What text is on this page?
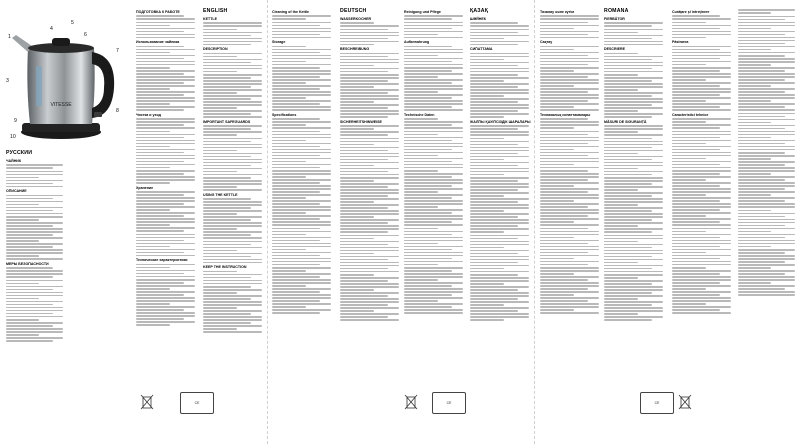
VITESSE
1
2
3
4
5
6
7
8
9
10
РУССКИЙ
ЧАЙНИК
ОПИСАНИЕ
МЕРЫ БЕЗОПАСНОСТИ
ПОДГОТОВКА К РАБОТЕ
Использование чайника
Чистка и уход
Хранение
Технические характеристики
ENGLISH
KETTLE
DESCRIPTION
IMPORTANT SAFEGUARDS
USING THE KETTLE
KEEP THE INSTRUCTION
Cleaning of the Kettle
Storage
Specifications
DEUTSCH
WASSERKOCHER
BESCHREIBUNG
SICHERHEITSHINWEISE
Reinigung und Pflege
Aufbewahrung
Technische Daten
ҚАЗАҚ
ШӘЙНЕК
СИПАТТАМА
ЖАЛПЫ ҚАУІПСІЗДІК ШАРАЛАРЫ
Тазалау және күтім
Сақтау
Техникалық сипаттамалары
ROMÂNĂ
FIERBĂTOR
DESCRIERE
MĂSURI DE SIGURANȚĂ
Curăţare şi întreţinere
Păstrarea
Caracteristici tehnice
CE	CE	CE
